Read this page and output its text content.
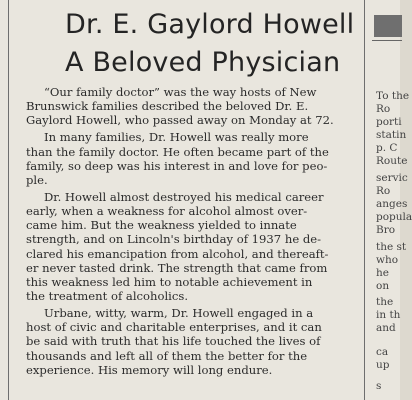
Dr. E. Gaylord Howell
A Beloved Physician
“Our family doctor” was the way hosts of New
Brunswick families described the beloved Dr. E.
Gaylord Howell, who passed away on Monday at 72.
In many families, Dr. Howell was really more
than the family doctor. He often became part of the
family, so deep was his interest in and love for peo-
ple.
Dr. Howell almost destroyed his medical career
early, when a weakness for alcohol almost over-
came him. But the weakness yielded to innate
strength, and on Lincoln's birthday of 1937 he de-
clared his emancipation from alcohol, and thereaft-
er never tasted drink. The strength that came from
this weakness led him to notable achievement in
the treatment of alcoholics.
Urbane, witty, warm, Dr. Howell engaged in a
host of civic and charitable enterprises, and it can
be said with truth that his life touched the lives of
thousands and left all of them the better for the
experience. His memory will long endure.
To the
Ro
porti
statin
p. C
Route
servic
Ro
anges
popula
Bro
the st
who
he
on
the
in th
and
ca
up
s
